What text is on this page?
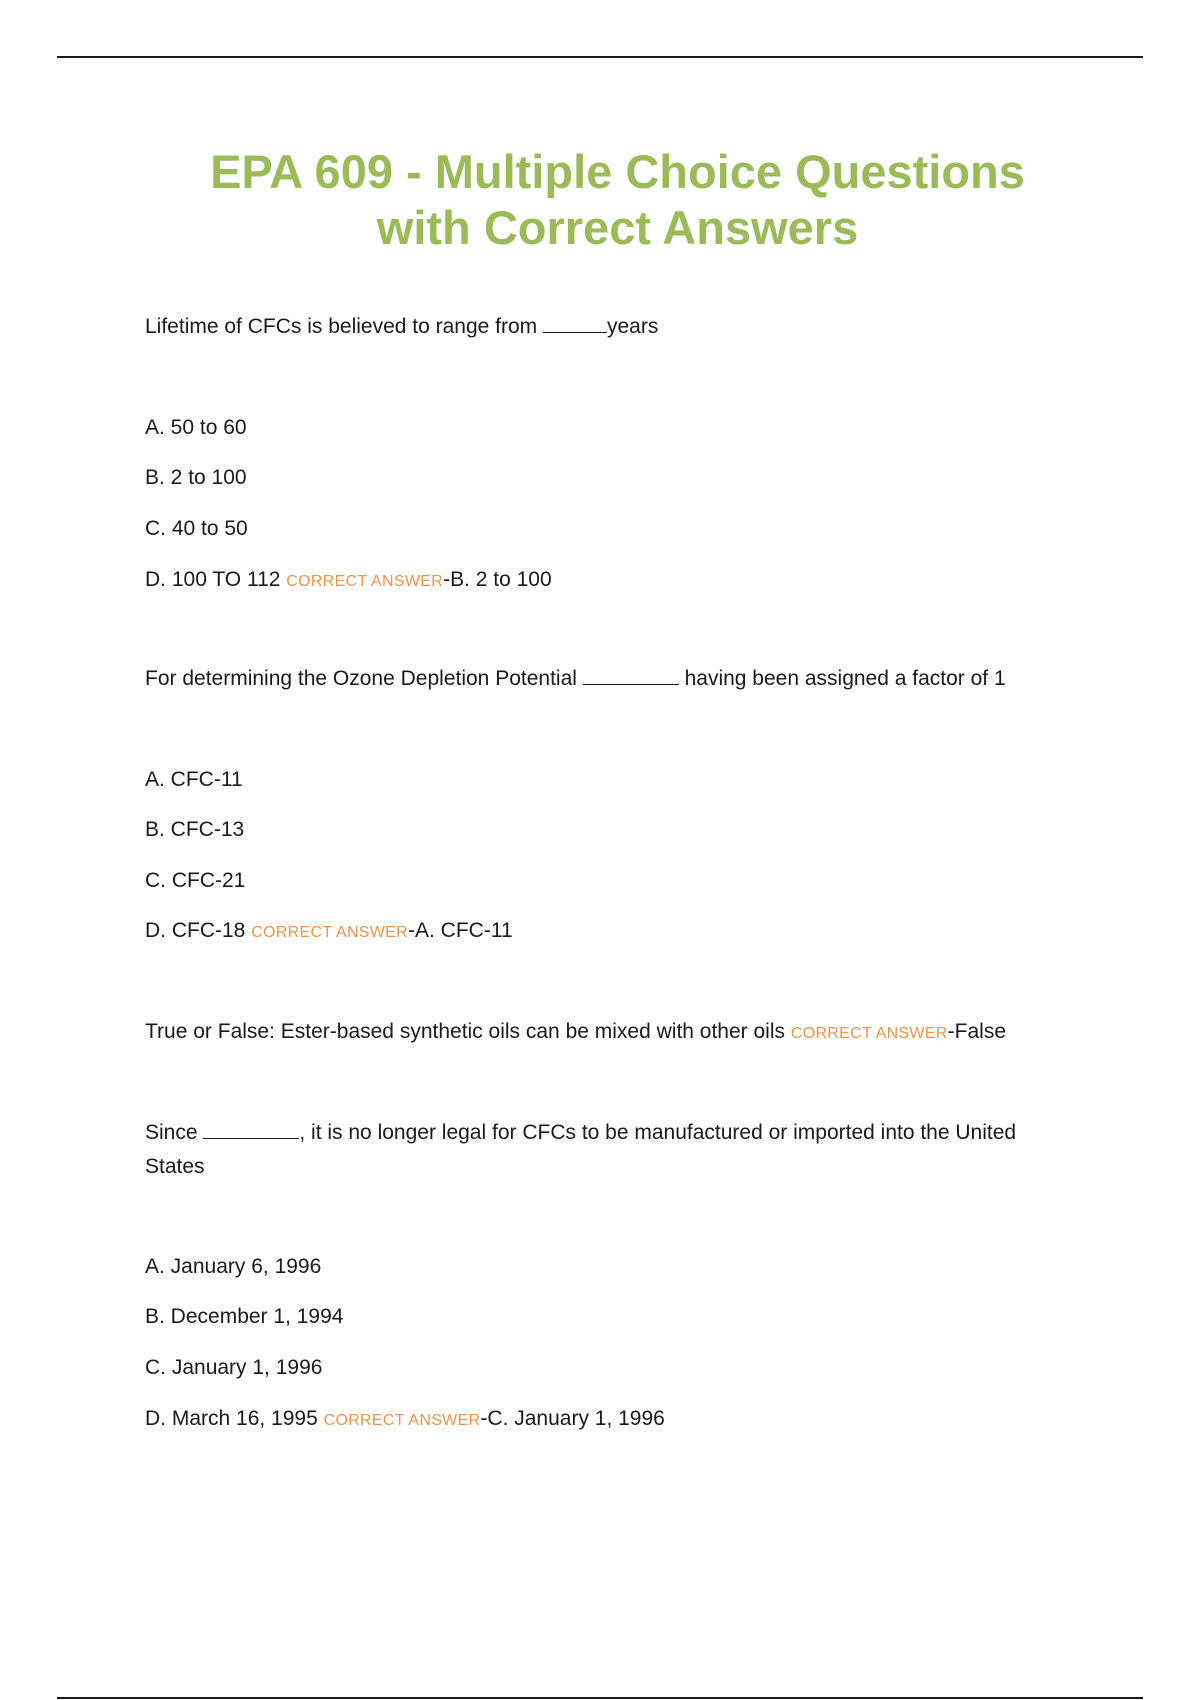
EPA 609 - Multiple Choice Questions
with Correct Answers

Lifetime of CFCs is believed to range from	years

A. 50 to 60

B. 2 to 100

C. 40 to 50

D. 100 TO 112 CORRECT ANSWER-B. 2 to 100

For determining the Ozone Depletion Potential	having been assigned a factor of 1

A. CFC-11

B. CFC-13

C. CFC-21

D. CFC-18 CORRECT ANSWER-A. CFC-11

True or False: Ester-based synthetic oils can be mixed with other oils CORRECT ANSWER-False

Since	, it is no longer legal for CFCs to be manufactured or imported into the United States

A. January 6, 1996

B. December 1, 1994

C. January 1, 1996

D. March 16, 1995 CORRECT ANSWER-C. January 1, 1996
